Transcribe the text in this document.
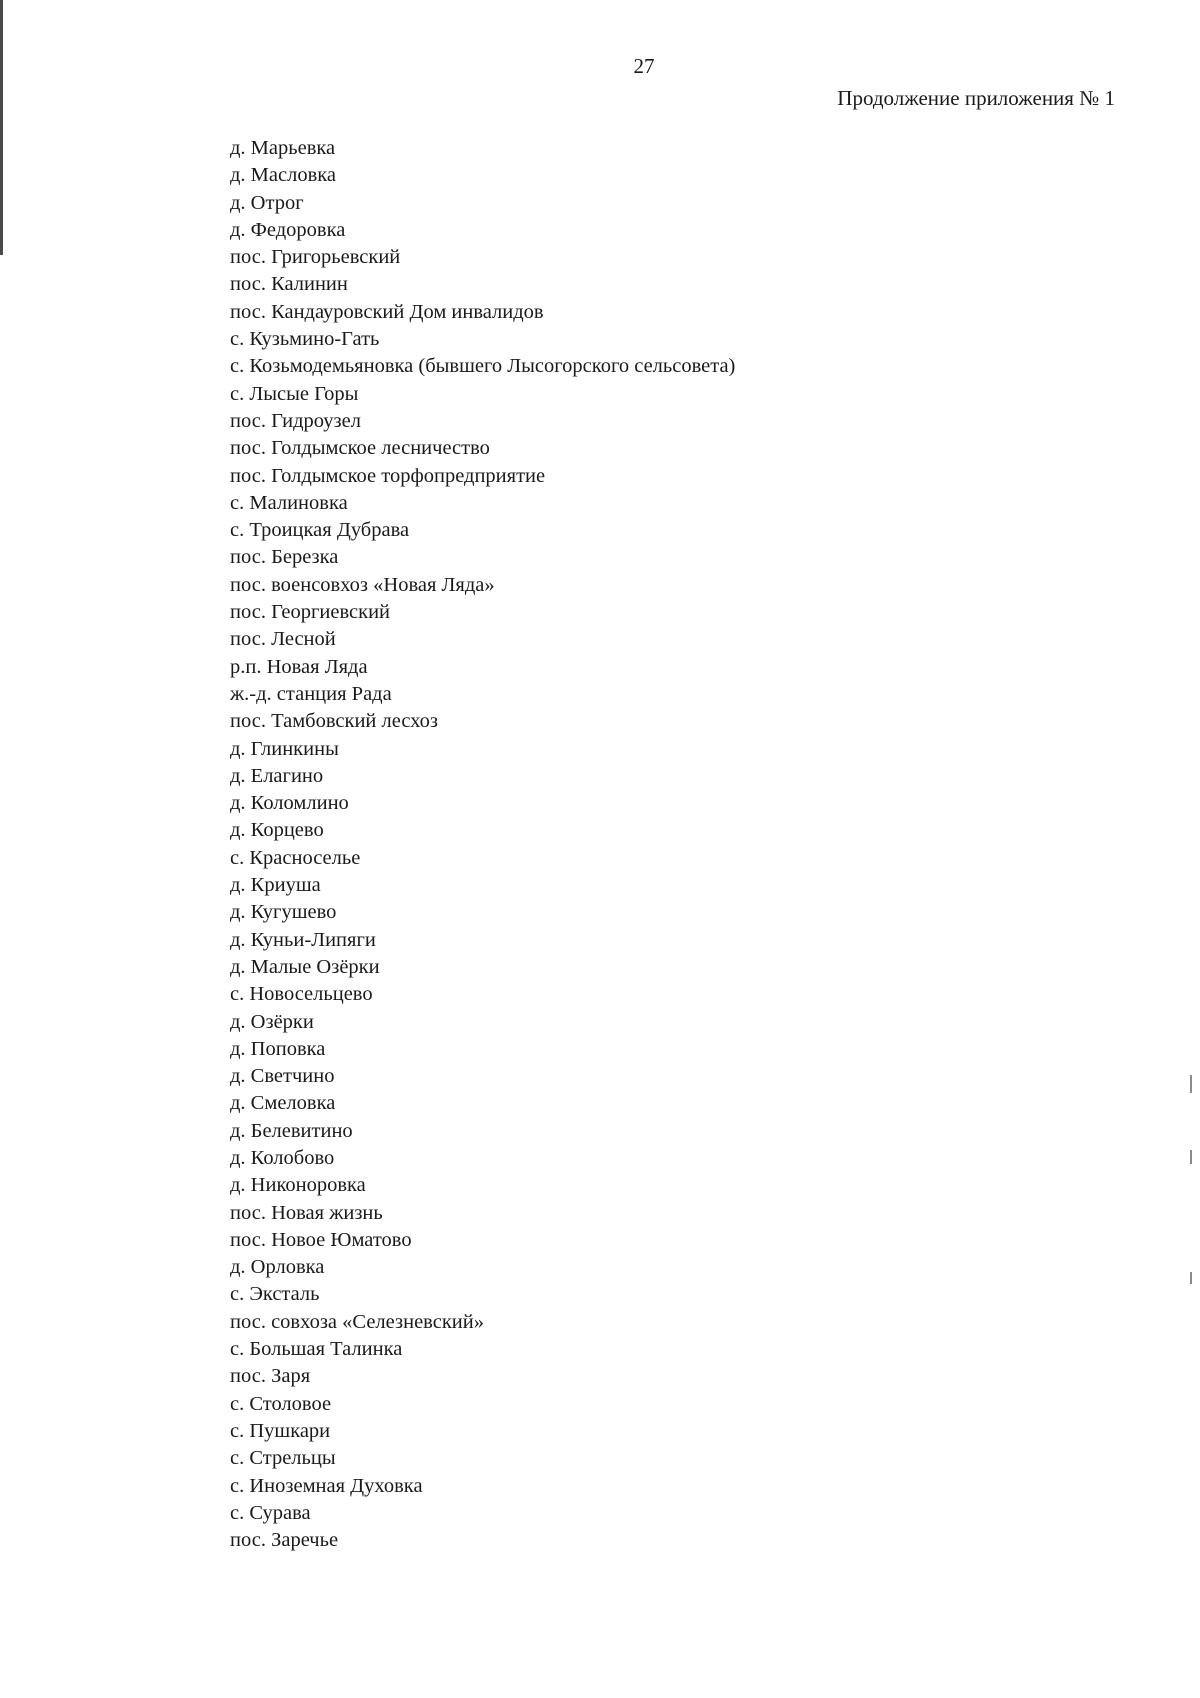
27
Продолжение приложения № 1
д. Марьевка
д. Масловка
д. Отрог
д. Федоровка
пос. Григорьевский
пос. Калинин
пос. Кандауровский Дом инвалидов
с. Кузьмино-Гать
с. Козьмодемьяновка (бывшего Лысогорского сельсовета)
с. Лысые Горы
пос. Гидроузел
пос. Голдымское лесничество
пос. Голдымское торфопредприятие
с. Малиновка
с. Троицкая Дубрава
пос. Березка
пос. военсовхоз «Новая Ляда»
пос. Георгиевский
пос. Лесной
р.п. Новая Ляда
ж.-д. станция Рада
пос. Тамбовский лесхоз
д. Глинкины
д. Елагино
д. Коломлино
д. Корцево
с. Красноселье
д. Криуша
д. Кугушево
д. Куньи-Липяги
д. Малые Озёрки
с. Новосельцево
д. Озёрки
д. Поповка
д. Светчино
д. Смеловка
д. Белевитино
д. Колобово
д. Никоноровка
пос. Новая жизнь
пос. Новое Юматово
д. Орловка
с. Эксталь
пос. совхоза «Селезневский»
с. Большая Талинка
пос. Заря
с. Столовое
с. Пушкари
с. Стрельцы
с. Иноземная Духовка
с. Сурава
пос. Заречье
